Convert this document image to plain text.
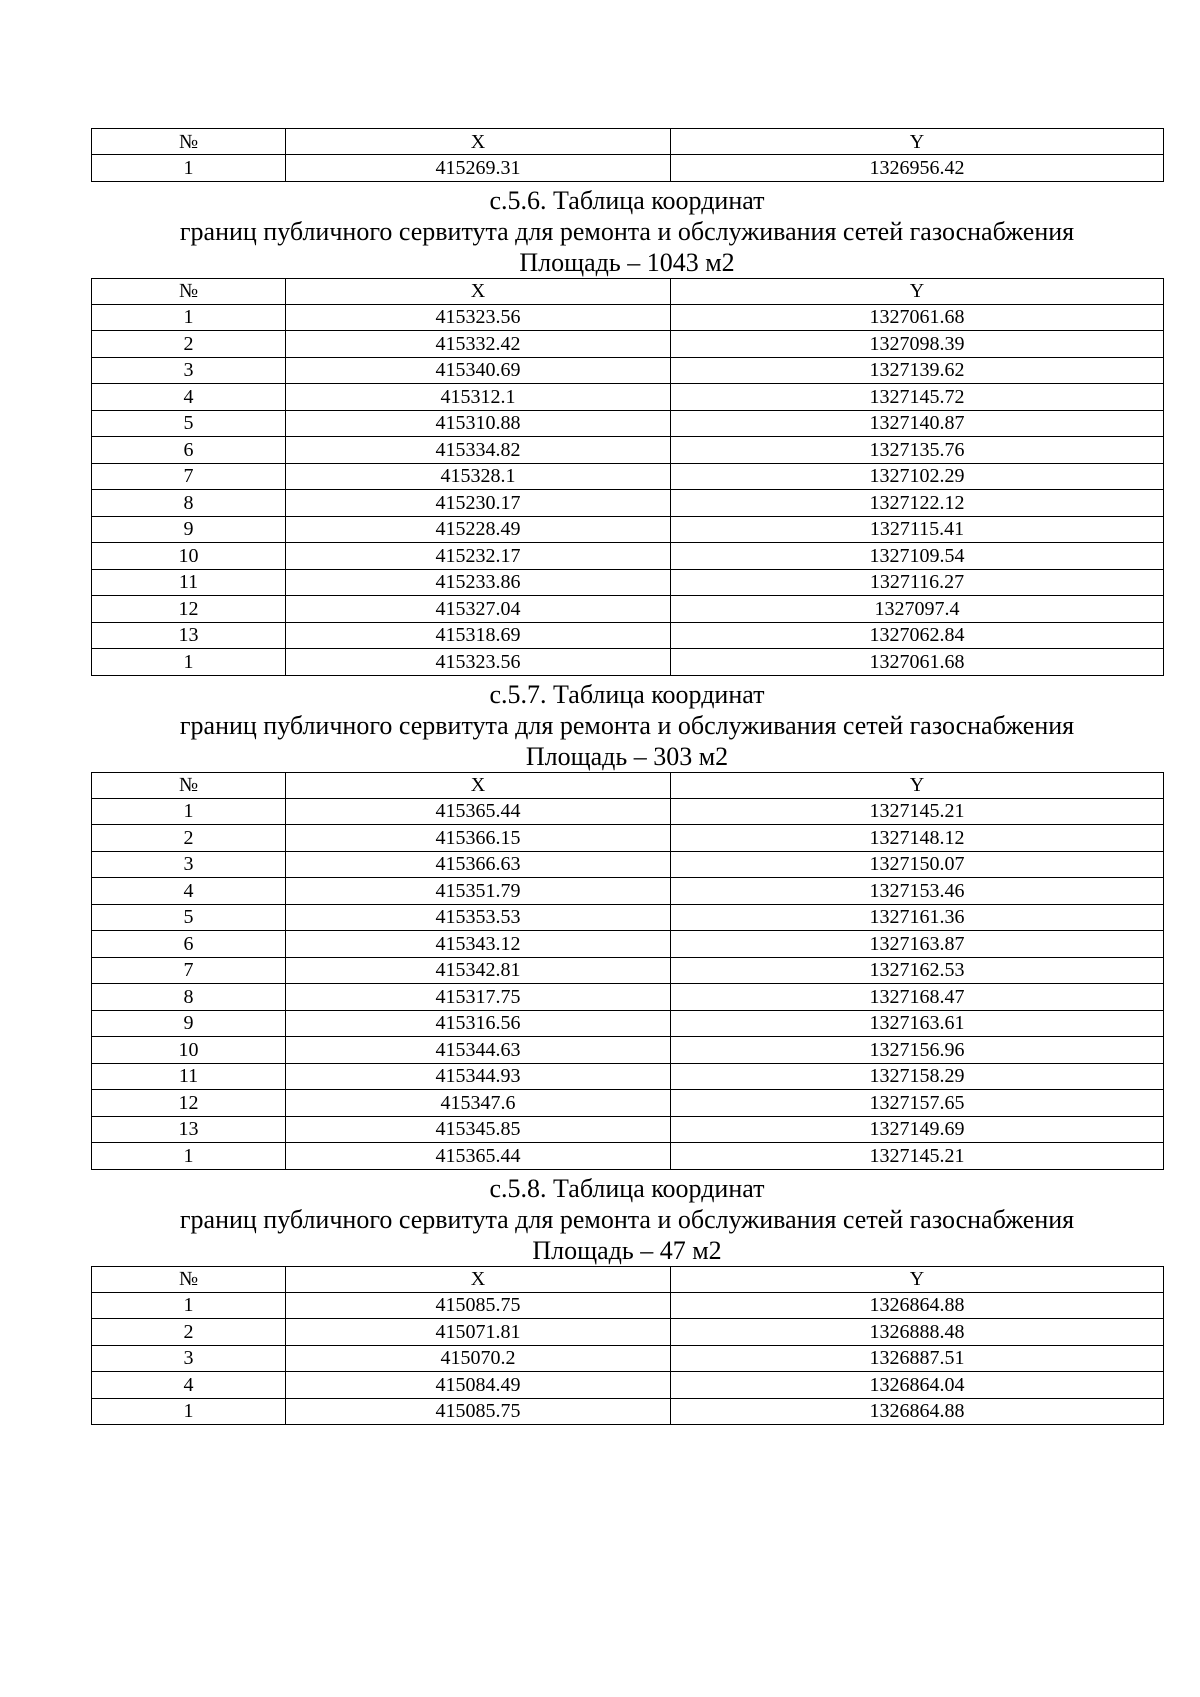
№	X	Y
1	415269.31	1326956.42

с.5.6. Таблица координат

границ публичного сервитута для ремонта и обслуживания сетей газоснабжения

Площадь – 1043 м2

№	X	Y
1	415323.56	1327061.68
2	415332.42	1327098.39
3	415340.69	1327139.62
4	415312.1	1327145.72
5	415310.88	1327140.87
6	415334.82	1327135.76
7	415328.1	1327102.29
8	415230.17	1327122.12
9	415228.49	1327115.41
10	415232.17	1327109.54
11	415233.86	1327116.27
12	415327.04	1327097.4
13	415318.69	1327062.84
1	415323.56	1327061.68

с.5.7. Таблица координат

границ публичного сервитута для ремонта и обслуживания сетей газоснабжения

Площадь – 303 м2

№	X	Y
1	415365.44	1327145.21
2	415366.15	1327148.12
3	415366.63	1327150.07
4	415351.79	1327153.46
5	415353.53	1327161.36
6	415343.12	1327163.87
7	415342.81	1327162.53
8	415317.75	1327168.47
9	415316.56	1327163.61
10	415344.63	1327156.96
11	415344.93	1327158.29
12	415347.6	1327157.65
13	415345.85	1327149.69
1	415365.44	1327145.21

с.5.8. Таблица координат

границ публичного сервитута для ремонта и обслуживания сетей газоснабжения

Площадь – 47 м2

№	X	Y
1	415085.75	1326864.88
2	415071.81	1326888.48
3	415070.2	1326887.51
4	415084.49	1326864.04
1	415085.75	1326864.88
